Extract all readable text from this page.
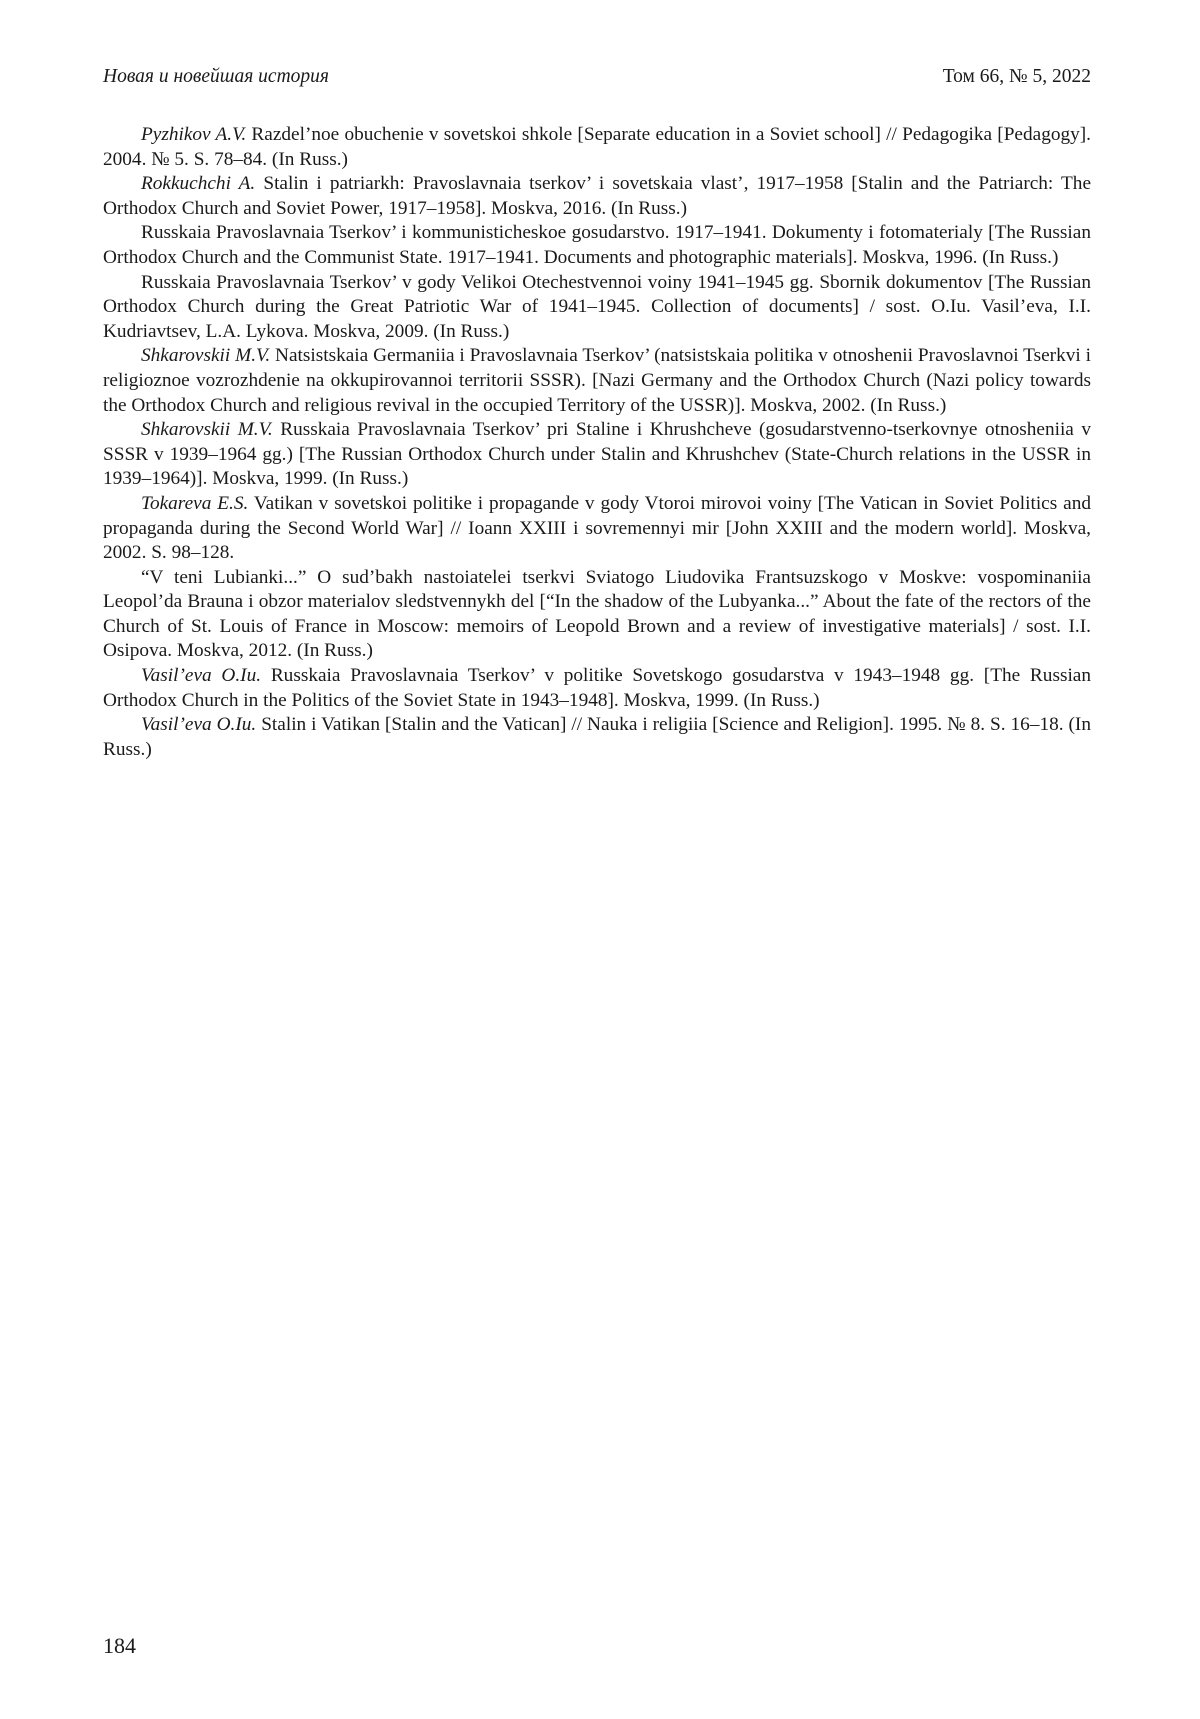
Новая и новейшая история	Том 66, № 5, 2022

Pyzhikov A.V. Razdel’noe obuchenie v sovetskoi shkole [Separate education in a Soviet school] // Pedagogika [Pedagogy]. 2004. № 5. S. 78–84. (In Russ.)

Rokkuchchi A. Stalin i patriarkh: Pravoslavnaia tserkov’ i sovetskaia vlast’, 1917–1958 [Stalin and the Patriarch: The Orthodox Church and Soviet Power, 1917–1958]. Moskva, 2016. (In Russ.)

Russkaia Pravoslavnaia Tserkov’ i kommunisticheskoe gosudarstvo. 1917–1941. Dokumenty i fotomaterialy [The Russian Orthodox Church and the Communist State. 1917–1941. Documents and photographic materials]. Moskva, 1996. (In Russ.)

Russkaia Pravoslavnaia Tserkov’ v gody Velikoi Otechestvennoi voiny 1941–1945 gg. Sbornik dokumentov [The Russian Orthodox Church during the Great Patriotic War of 1941–1945. Collection of documents] / sost. O.Iu. Vasil’eva, I.I. Kudriavtsev, L.A. Lykova. Moskva, 2009. (In Russ.)

Shkarovskii M.V. Natsistskaia Germaniia i Pravoslavnaia Tserkov’ (natsistskaia politika v otnoshenii Pravoslavnoi Tserkvi i religioznoe vozrozhdenie na okkupirovannoi territorii SSSR). [Nazi Germany and the Orthodox Church (Nazi policy towards the Orthodox Church and religious revival in the occupied Territory of the USSR)]. Moskva, 2002. (In Russ.)

Shkarovskii M.V. Russkaia Pravoslavnaia Tserkov’ pri Staline i Khrushcheve (gosudarstvenno-tserkovnye otnosheniia v SSSR v 1939–1964 gg.) [The Russian Orthodox Church under Stalin and Khrushchev (State-Church relations in the USSR in 1939–1964)]. Moskva, 1999. (In Russ.)

Tokareva E.S. Vatikan v sovetskoi politike i propagande v gody Vtoroi mirovoi voiny [The Vatican in Soviet Politics and propaganda during the Second World War] // Ioann XXIII i sovremennyi mir [John XXIII and the modern world]. Moskva, 2002. S. 98–128.

“V teni Lubianki...” O sud’bakh nastoiatelei tserkvi Sviatogo Liudovika Frantsuzskogo v Moskve: vospominaniia Leopol’da Brauna i obzor materialov sledstvennykh del [“In the shadow of the Lubyanka...” About the fate of the rectors of the Church of St. Louis of France in Moscow: memoirs of Leopold Brown and a review of investigative materials] / sost. I.I. Osipova. Moskva, 2012. (In Russ.)

Vasil’eva O.Iu. Russkaia Pravoslavnaia Tserkov’ v politike Sovetskogo gosudarstva v 1943–1948 gg. [The Russian Orthodox Church in the Politics of the Soviet State in 1943–1948]. Moskva, 1999. (In Russ.)

Vasil’eva O.Iu. Stalin i Vatikan [Stalin and the Vatican] // Nauka i religiia [Science and Religion]. 1995. № 8. S. 16–18. (In Russ.)

184
